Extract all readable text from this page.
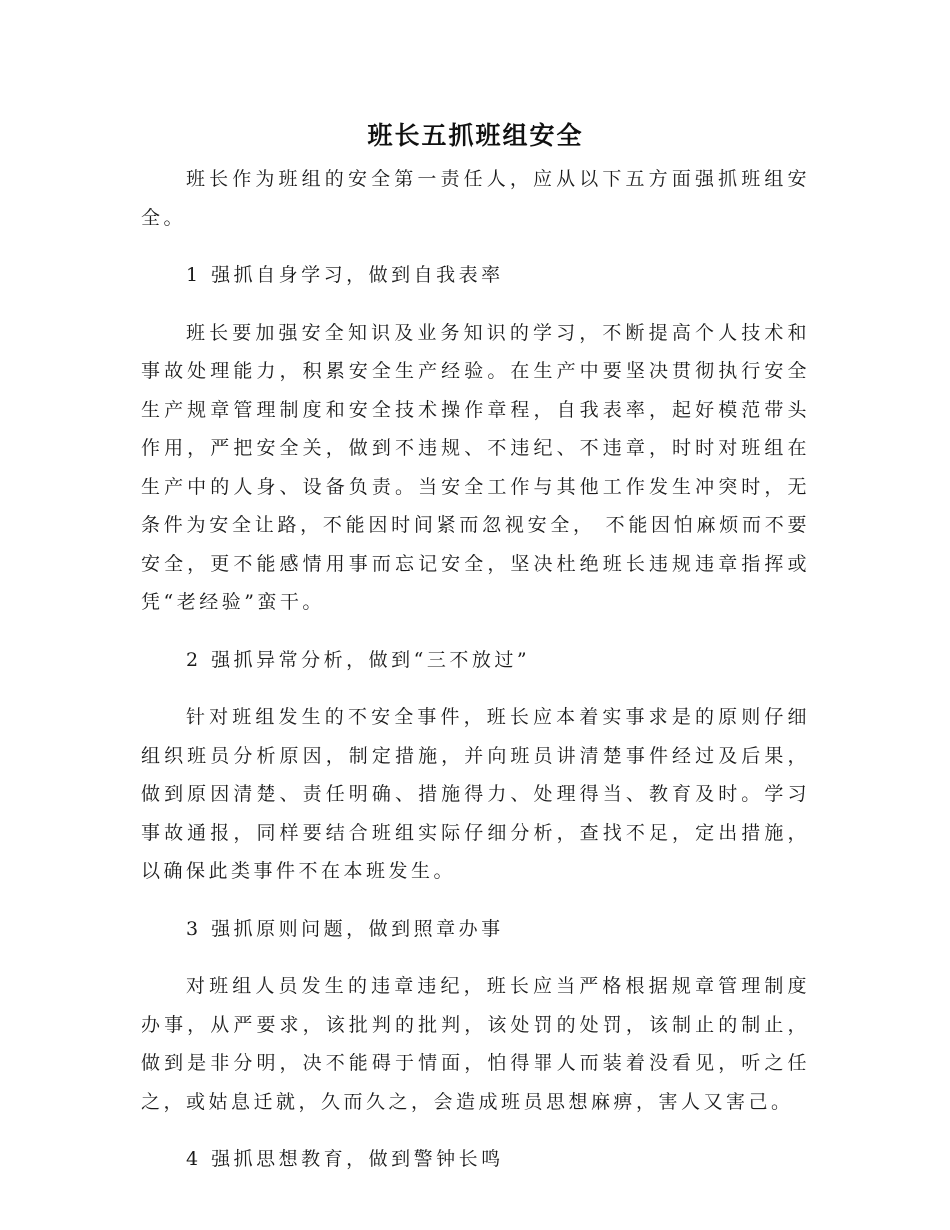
班长五抓班组安全

班长作为班组的安全第一责任人，应从以下五方面强抓班组安全。

1 强抓自身学习，做到自我表率

班长要加强安全知识及业务知识的学习，不断提高个人技术和事故处理能力，积累安全生产经验。在生产中要坚决贯彻执行安全生产规章管理制度和安全技术操作章程，自我表率，起好模范带头作用，严把安全关，做到不违规、不违纪、不违章，时时对班组在生产中的人身、设备负责。当安全工作与其他工作发生冲突时，无条件为安全让路，不能因时间紧而忽视安全， 不能因怕麻烦而不要安全，更不能感情用事而忘记安全，坚决杜绝班长违规违章指挥或凭“老经验”蛮干。

2 强抓异常分析，做到“三不放过”

针对班组发生的不安全事件，班长应本着实事求是的原则仔细组织班员分析原因，制定措施，并向班员讲清楚事件经过及后果，做到原因清楚、责任明确、措施得力、处理得当、教育及时。学习事故通报，同样要结合班组实际仔细分析，查找不足，定出措施，以确保此类事件不在本班发生。

3 强抓原则问题，做到照章办事

对班组人员发生的违章违纪，班长应当严格根据规章管理制度办事，从严要求，该批判的批判，该处罚的处罚，该制止的制止，做到是非分明，决不能碍于情面，怕得罪人而装着没看见，听之任之，或姑息迁就，久而久之，会造成班员思想麻痹，害人又害己。

4 强抓思想教育，做到警钟长鸣
